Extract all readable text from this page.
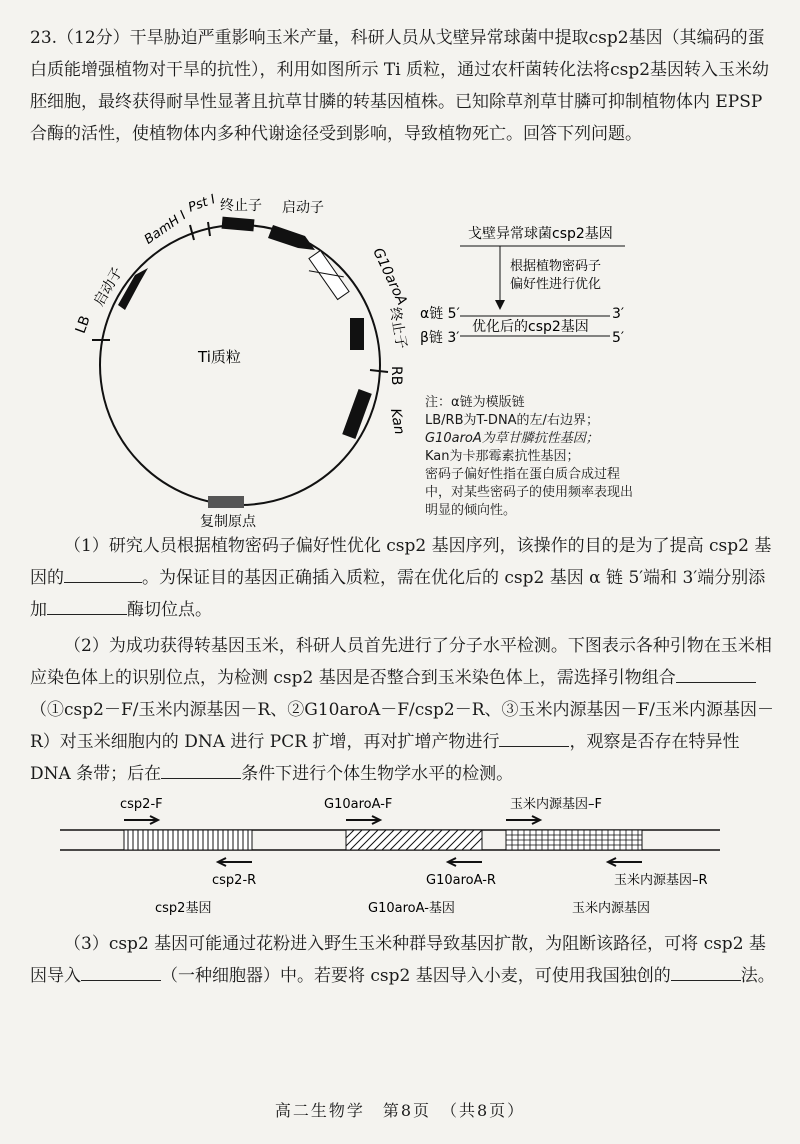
23.（12分）干旱胁迫严重影响玉米产量，科研人员从戈壁异常球菌中提取csp2基因（其编码的蛋白质能增强植物对干旱的抗性），利用如图所示 Ti 质粒，通过农杆菌转化法将csp2基因转入玉米幼胚细胞，最终获得耐旱性显著且抗草甘膦的转基因植株。已知除草剂草甘膦可抑制植物体内 EPSP 合酶的活性，使植物体内多种代谢途径受到影响，导致植物死亡。回答下列问题。

启动子
BamH I
Pst I 终止子 启动子
G10aroA
终止子
RB
Kan
LB
Ti质粒
复制原点
戈壁异常球菌csp2基因
根据植物密码子
偏好性进行优化
α链 5′	3′
优化后的csp2基因
β链 3′	5′
注：α链为模版链
LB/RB为T-DNA的左/右边界；
G10aroA为草甘膦抗性基因；
Kan为卡那霉素抗性基因；
密码子偏好性指在蛋白质合成过程中，对某些密码子的使用频率表现出明显的倾向性。

（1）研究人员根据植物密码子偏好性优化 csp2 基因序列，该操作的目的是为了提高 csp2 基因的	。为保证目的基因正确插入质粒，需在优化后的 csp2 基因 α 链 5′端和 3′端分别添加	酶切位点。

（2）为成功获得转基因玉米，科研人员首先进行了分子水平检测。下图表示各种引物在玉米相应染色体上的识别位点，为检测 csp2 基因是否整合到玉米染色体上，需选择引物组合（①csp2－F/玉米内源基因－R、②G10aroA－F/csp2－R、③玉米内源基因－F/玉米内源基因－R）对玉米细胞内的 DNA 进行 PCR 扩增，再对扩增产物进行	，观察是否存在特异性 DNA 条带；后在	条件下进行个体生物学水平的检测。

csp2-F
csp2-R
csp2基因
G10aroA-F
G10aroA-R
G10aroA-基因
玉米内源基因–F
玉米内源基因–R
玉米内源基因

（3）csp2 基因可能通过花粉进入野生玉米种群导致基因扩散，为阻断该路径，可将 csp2 基因导入	（一种细胞器）中。若要将 csp2 基因导入小麦，可使用我国独创的	法。

高二生物学　第8页　（共8页）
